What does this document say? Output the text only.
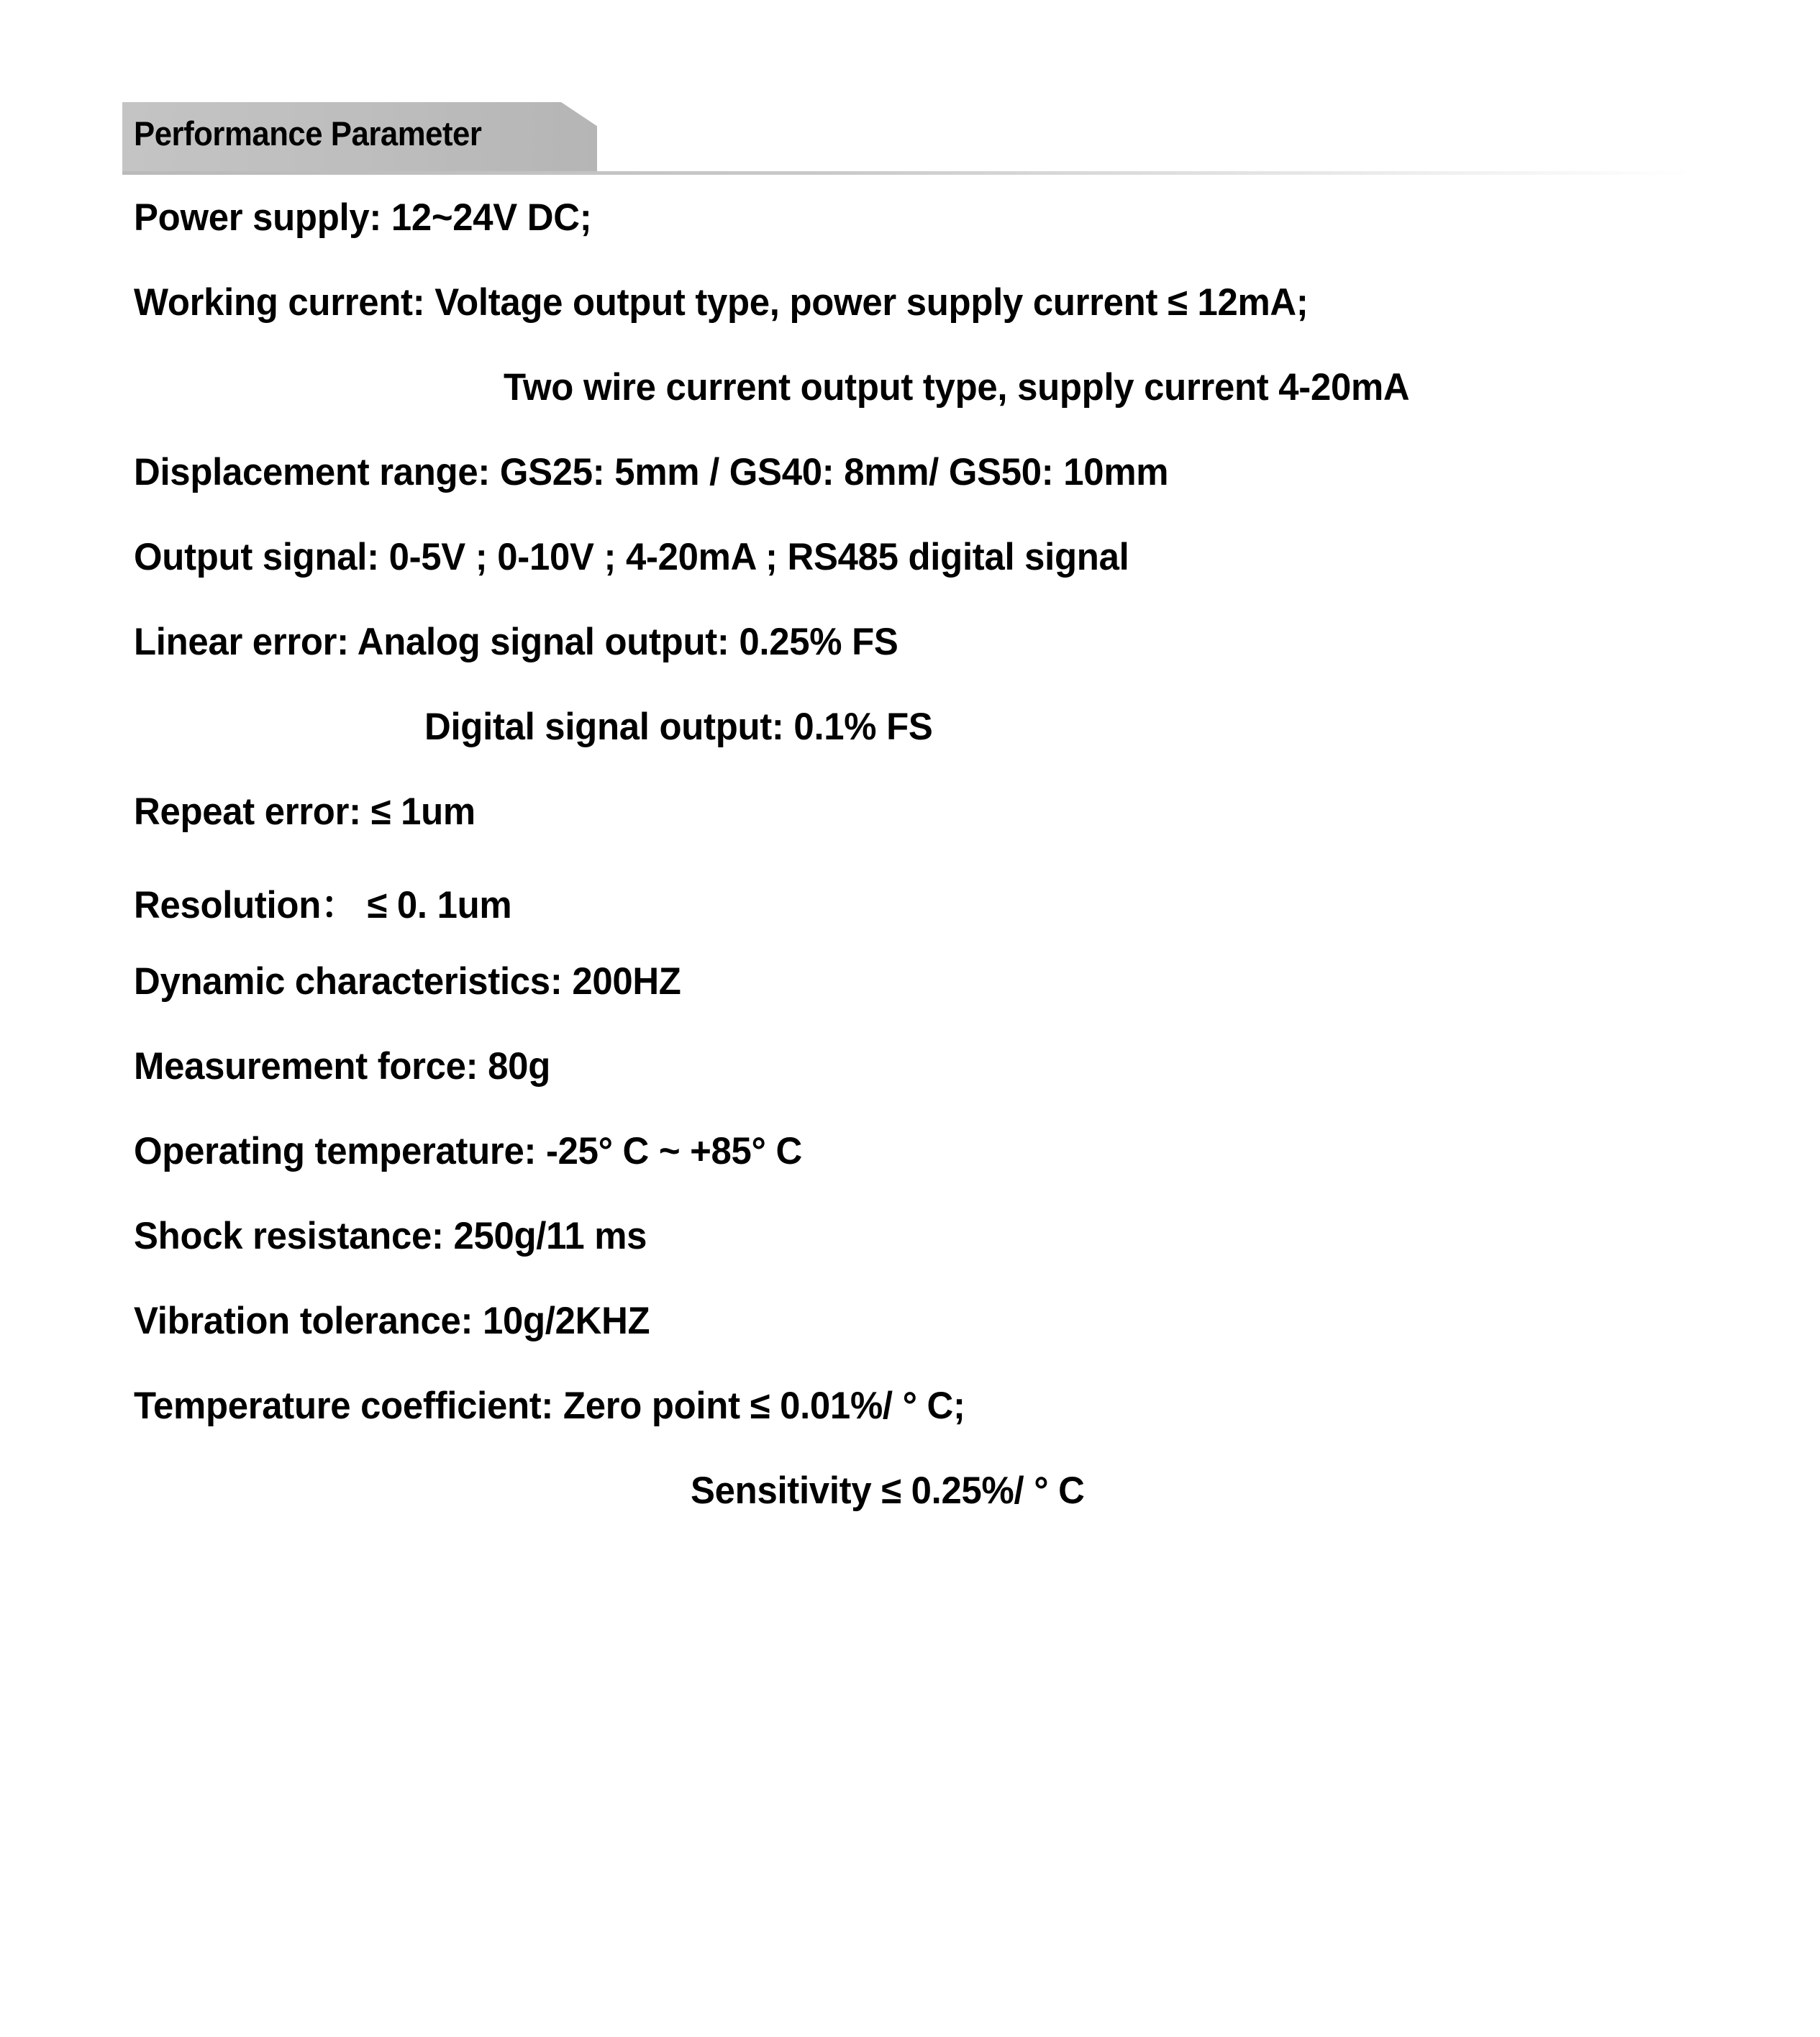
Performance Parameter
Power supply: 12~24V DC;
Working current: Voltage output type, power supply current ≤ 12mA;
Two wire current output type, supply current 4-20mA
Displacement range: GS25: 5mm / GS40: 8mm/ GS50: 10mm
Output signal: 0-5V ; 0-10V ; 4-20mA ; RS485 digital signal
Linear error: Analog signal output: 0.25% FS
Digital signal output: 0.1% FS
Repeat error: ≤ 1um
Resolution： ≤ 0. 1um
Dynamic characteristics: 200HZ
Measurement force: 80g
Operating temperature: -25° C ~ +85° C
Shock resistance: 250g/11 ms
Vibration tolerance: 10g/2KHZ
Temperature coefficient: Zero point ≤ 0.01%/ ° C;
Sensitivity ≤ 0.25%/ ° C
